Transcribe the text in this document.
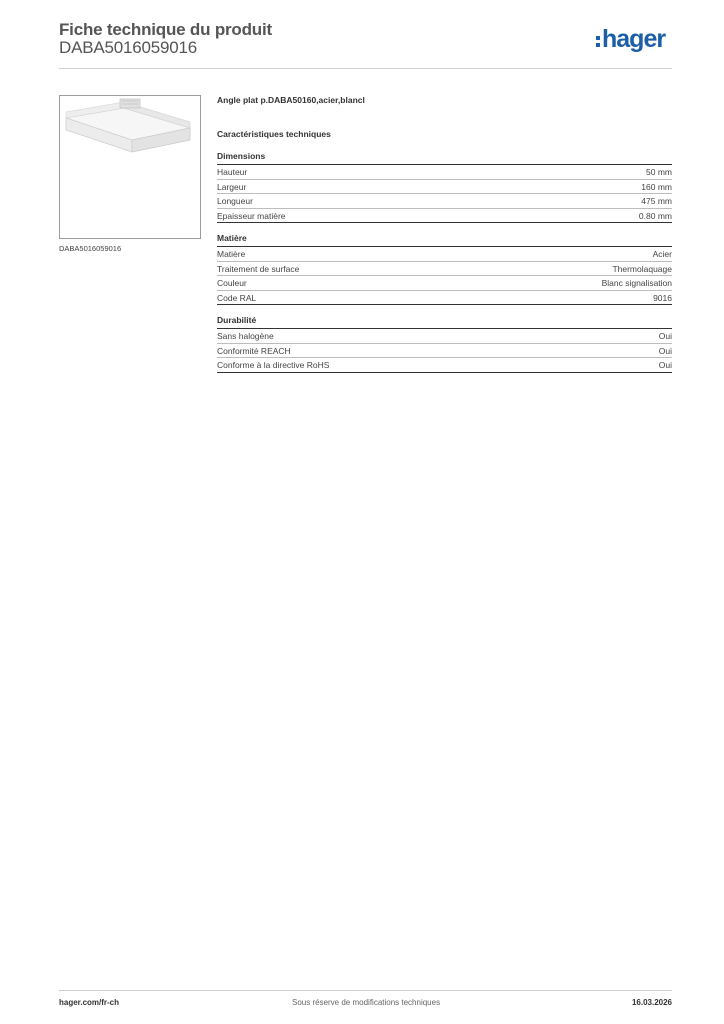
Fiche technique du produit
DABA5016059016	hager
DABA5016059016
Angle plat p.DABA50160,acier,blancl
Caractéristiques techniques
Dimensions
Hauteur	50 mm
Largeur	160 mm
Longueur	475 mm
Epaisseur matière	0.80 mm
Matière
Matière	Acier
Traitement de surface	Thermolaquage
Couleur	Blanc signalisation
Code RAL	9016
Durabilité
Sans halogène	Oui
Conformité REACH	Oui
Conforme à la directive RoHS	Oui
hager.com/fr-ch	Sous réserve de modifications techniques	16.03.2026
